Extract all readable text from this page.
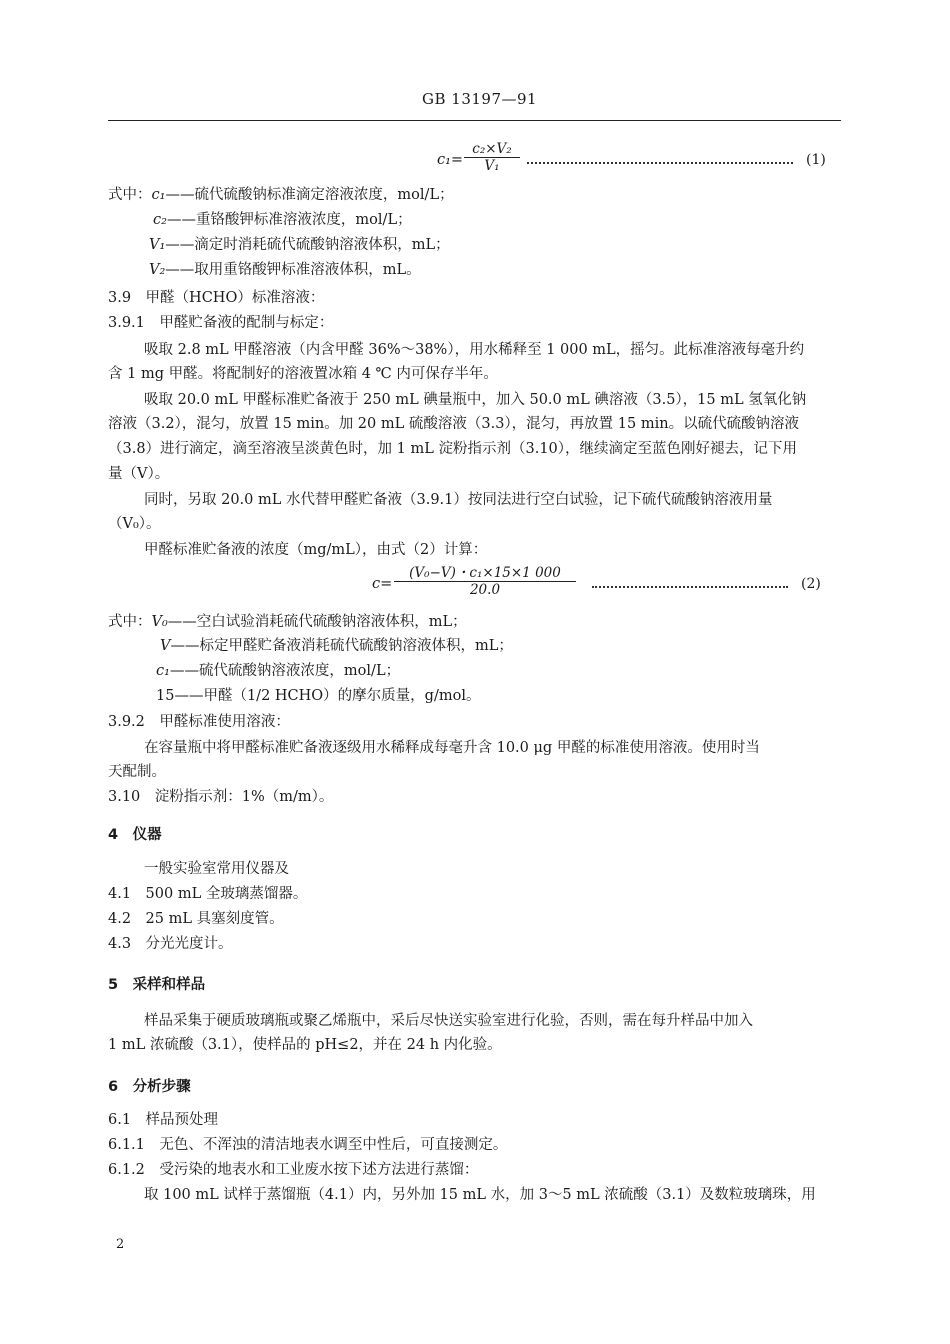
GB 13197—91
$c_1= \frac{\text{c₂×V₂}}{\text{V₁}}$	(1)
式中：c₁——硫代硫酸钠标准滴定溶液浓度，mol/L；
c₂——重铬酸钾标准溶液浓度，mol/L；
V₁——滴定时消耗硫代硫酸钠溶液体积，mL；
V₂——取用重铬酸钾标准溶液体积，mL。
3.9　甲醛（HCHO）标准溶液：
3.9.1　甲醛贮备液的配制与标定：
吸取 2.8 mL 甲醛溶液（内含甲醛 36%～38%），用水稀释至 1 000 mL，摇匀。此标准溶液每毫升约
含 1 mg 甲醛。将配制好的溶液置冰箱 4 ℃ 内可保存半年。
吸取 20.0 mL 甲醛标准贮备液于 250 mL 碘量瓶中，加入 50.0 mL 碘溶液（3.5），15 mL 氢氧化钠
溶液（3.2），混匀，放置 15 min。加 20 mL 硫酸溶液（3.3），混匀，再放置 15 min。以硫代硫酸钠溶液
（3.8）进行滴定，滴至溶液呈淡黄色时，加 1 mL 淀粉指示剂（3.10），继续滴定至蓝色刚好褪去，记下用
量（V）。
同时，另取 20.0 mL 水代替甲醛贮备液（3.9.1）按同法进行空白试验，记下硫代硫酸钠溶液用量
（V₀）。
甲醛标准贮备液的浓度（mg/mL），由式（2）计算：
$c= \frac{\text{(V₀−V)・c₁×15×1 000}}{20.0}$	(2)
式中：V₀——空白试验消耗硫代硫酸钠溶液体积，mL；
V——标定甲醛贮备液消耗硫代硫酸钠溶液体积，mL；
c₁——硫代硫酸钠溶液浓度，mol/L；
15——甲醛（1/2 HCHO）的摩尔质量，g/mol。
3.9.2　甲醛标准使用溶液：
在容量瓶中将甲醛标准贮备液逐级用水稀释成每毫升含 10.0 μg 甲醛的标准使用溶液。使用时当
天配制。
3.10　淀粉指示剂：1%（m/m）。
4　仪器
一般实验室常用仪器及
4.1　500 mL 全玻璃蒸馏器。
4.2　25 mL 具塞刻度管。
4.3　分光光度计。
5　采样和样品
样品采集于硬质玻璃瓶或聚乙烯瓶中，采后尽快送实验室进行化验，否则，需在每升样品中加入
1 mL 浓硫酸（3.1），使样品的 pH≤2，并在 24 h 内化验。
6　分析步骤
6.1　样品预处理
6.1.1　无色、不浑浊的清洁地表水调至中性后，可直接测定。
6.1.2　受污染的地表水和工业废水按下述方法进行蒸馏：
取 100 mL 试样于蒸馏瓶（4.1）内，另外加 15 mL 水，加 3～5 mL 浓硫酸（3.1）及数粒玻璃珠，用
2
